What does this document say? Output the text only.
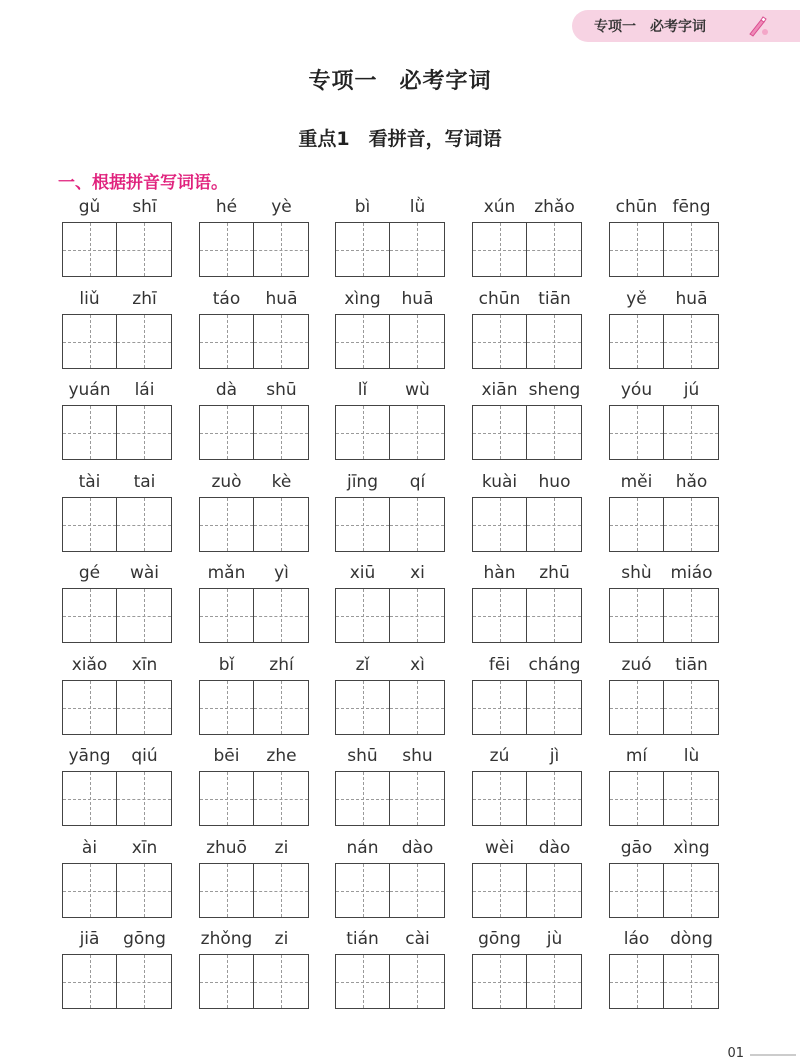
专项一 必考字词
专项一 必考字词
重点1　看拼音，写词语
一、根据拼音写词语。
gǔ	shī	hé	yè	bì	lǜ	xún	zhǎo	chūn fēng
liǔ	zhī	táo	huā	xìng	huā	chūn	tiān	yě	huā
yuán	lái	dà	shū	lǐ	wù	xiān sheng	yóu	jú
tài	tai	zuò	kè	jīng	qí	kuài	huo	měi	hǎo
gé	wài	mǎn	yì	xiū	xi	hàn	zhū	shù	miáo
xiǎo	xīn	bǐ	zhí	zǐ	xì	fēi	cháng	zuó	tiān
yāng	qiú	bēi	zhe	shū	shu	zú	jì	mí	lù
ài	xīn	zhuō	zi	nán	dào	wèi	dào	gāo	xìng
jiā	gōng	zhǒng	zi	tián	cài	gōng	jù	láo	dòng
01
